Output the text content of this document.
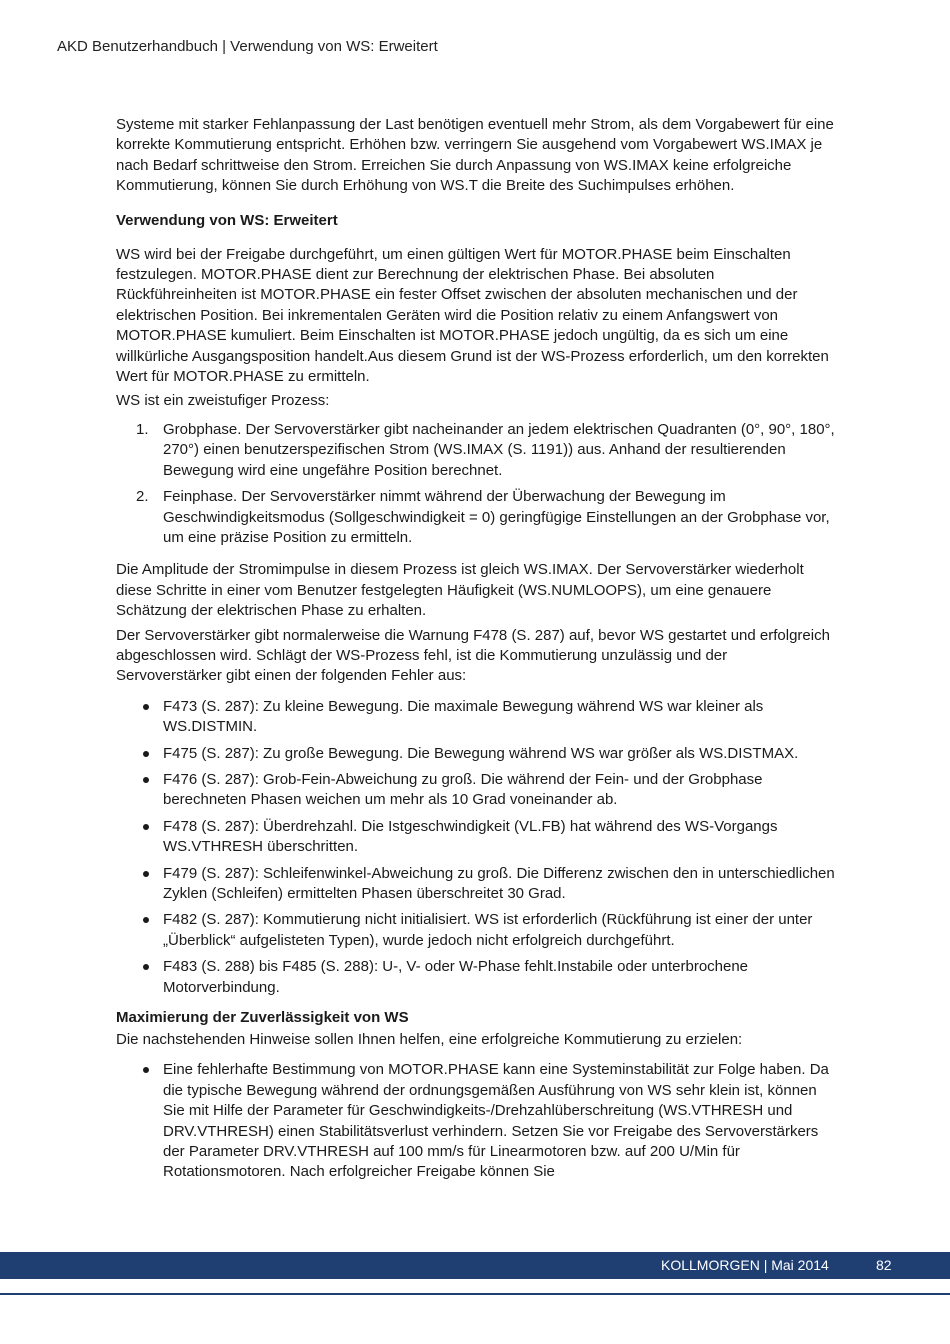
AKD Benutzerhandbuch | Verwendung von WS: Erweitert

Systeme mit starker Fehlanpassung der Last benötigen eventuell mehr Strom, als dem Vorgabewert für eine korrekte Kommutierung entspricht. Erhöhen bzw. verringern Sie ausgehend vom Vorgabewert WS.IMAX je nach Bedarf schrittweise den Strom. Erreichen Sie durch Anpassung von WS.IMAX keine erfolgreiche Kommutierung, können Sie durch Erhöhung von WS.T die Breite des Suchimpulses erhöhen.

Verwendung von WS: Erweitert

WS wird bei der Freigabe durchgeführt, um einen gültigen Wert für MOTOR.PHASE beim Einschalten festzulegen. MOTOR.PHASE dient zur Berechnung der elektrischen Phase. Bei absoluten Rückführeinheiten ist MOTOR.PHASE ein fester Offset zwischen der absoluten mechanischen und der elektrischen Position. Bei inkrementalen Geräten wird die Position relativ zu einem Anfangswert von MOTOR.PHASE kumuliert. Beim Einschalten ist MOTOR.PHASE jedoch ungültig, da es sich um eine willkürliche Ausgangsposition handelt.Aus diesem Grund ist der WS-Prozess erforderlich, um den korrekten Wert für MOTOR.PHASE zu ermitteln.

WS ist ein zweistufiger Prozess:

1. Grobphase. Der Servoverstärker gibt nacheinander an jedem elektrischen Quadranten (0°, 90°, 180°, 270°) einen benutzerspezifischen Strom (WS.IMAX (S. 1191)) aus. Anhand der resultierenden Bewegung wird eine ungefähre Position berechnet.
2. Feinphase. Der Servoverstärker nimmt während der Überwachung der Bewegung im Geschwindigkeitsmodus (Sollgeschwindigkeit = 0) geringfügige Einstellungen an der Grobphase vor, um eine präzise Position zu ermitteln.

Die Amplitude der Stromimpulse in diesem Prozess ist gleich WS.IMAX. Der Servoverstärker wiederholt diese Schritte in einer vom Benutzer festgelegten Häufigkeit (WS.NUMLOOPS), um eine genauere Schätzung der elektrischen Phase zu erhalten.

Der Servoverstärker gibt normalerweise die Warnung F478 (S. 287) auf, bevor WS gestartet und erfolgreich abgeschlossen wird. Schlägt der WS-Prozess fehl, ist die Kommutierung unzulässig und der Servoverstärker gibt einen der folgenden Fehler aus:

F473 (S. 287): Zu kleine Bewegung. Die maximale Bewegung während WS war kleiner als WS.DISTMIN.
F475 (S. 287): Zu große Bewegung. Die Bewegung während WS war größer als WS.DISTMAX.
F476 (S. 287): Grob-Fein-Abweichung zu groß. Die während der Fein- und der Grobphase berechneten Phasen weichen um mehr als 10 Grad voneinander ab.
F478 (S. 287): Überdrehzahl. Die Istgeschwindigkeit (VL.FB) hat während des WS-Vorgangs WS.VTHRESH überschritten.
F479 (S. 287): Schleifenwinkel-Abweichung zu groß. Die Differenz zwischen den in unterschiedlichen Zyklen (Schleifen) ermittelten Phasen überschreitet 30 Grad.
F482 (S. 287): Kommutierung nicht initialisiert. WS ist erforderlich (Rückführung ist einer der unter „Überblick“ aufgelisteten Typen), wurde jedoch nicht erfolgreich durchgeführt.
F483 (S. 288) bis F485 (S. 288): U-, V- oder W-Phase fehlt.Instabile oder unterbrochene Motorverbindung.
Maximierung der Zuverlässigkeit von WS

Die nachstehenden Hinweise sollen Ihnen helfen, eine erfolgreiche Kommutierung zu erzielen:

Eine fehlerhafte Bestimmung von MOTOR.PHASE kann eine Systeminstabilität zur Folge haben. Da die typische Bewegung während der ordnungsgemäßen Ausführung von WS sehr klein ist, können Sie mit Hilfe der Parameter für Geschwindigkeits-/Drehzahlüberschreitung (WS.VTHRESH und DRV.VTHRESH) einen Stabilitätsverlust verhindern. Setzen Sie vor Freigabe des Servoverstärkers der Parameter DRV.VTHRESH auf 100 mm/s für Linearmotoren bzw. auf 200 U/Min für Rotationsmotoren. Nach erfolgreicher Freigabe können Sie
KOLLMORGEN | Mai 2014	82
